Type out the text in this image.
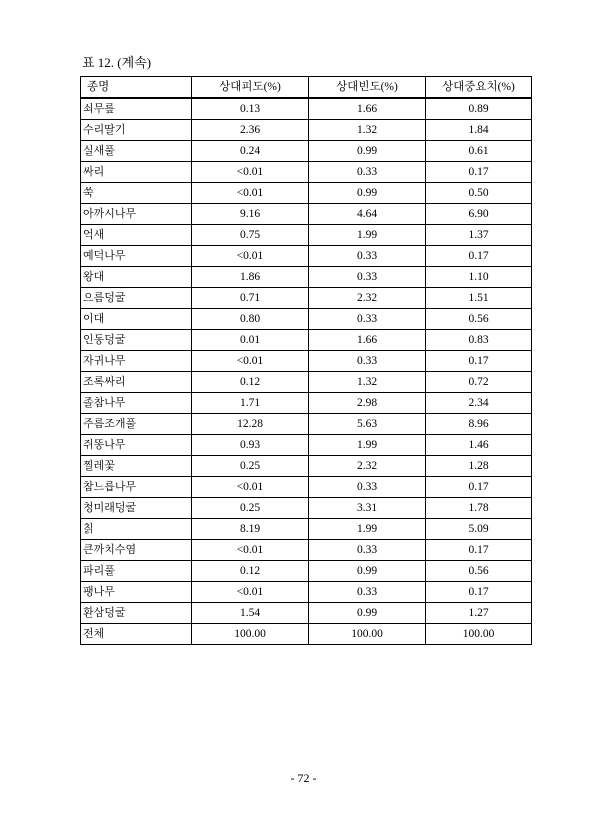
표 12. (계속)
종명	상대피도(%)	상대빈도(%)	상대중요치(%)
쇠무릎	0.13	1.66	0.89
수리딸기	2.36	1.32	1.84
실새풀	0.24	0.99	0.61
싸리	<0.01	0.33	0.17
쑥	<0.01	0.99	0.50
아까시나무	9.16	4.64	6.90
억새	0.75	1.99	1.37
예덕나무	<0.01	0.33	0.17
왕대	1.86	0.33	1.10
으름덩굴	0.71	2.32	1.51
이대	0.80	0.33	0.56
인동덩굴	0.01	1.66	0.83
자귀나무	<0.01	0.33	0.17
조록싸리	0.12	1.32	0.72
졸참나무	1.71	2.98	2.34
주름조개풀	12.28	5.63	8.96
쥐똥나무	0.93	1.99	1.46
찔레꽃	0.25	2.32	1.28
참느릅나무	<0.01	0.33	0.17
청미래덩굴	0.25	3.31	1.78
칡	8.19	1.99	5.09
큰까치수염	<0.01	0.33	0.17
파리풀	0.12	0.99	0.56
팽나무	<0.01	0.33	0.17
환삼덩굴	1.54	0.99	1.27
전체	100.00	100.00	100.00
- 72 -
